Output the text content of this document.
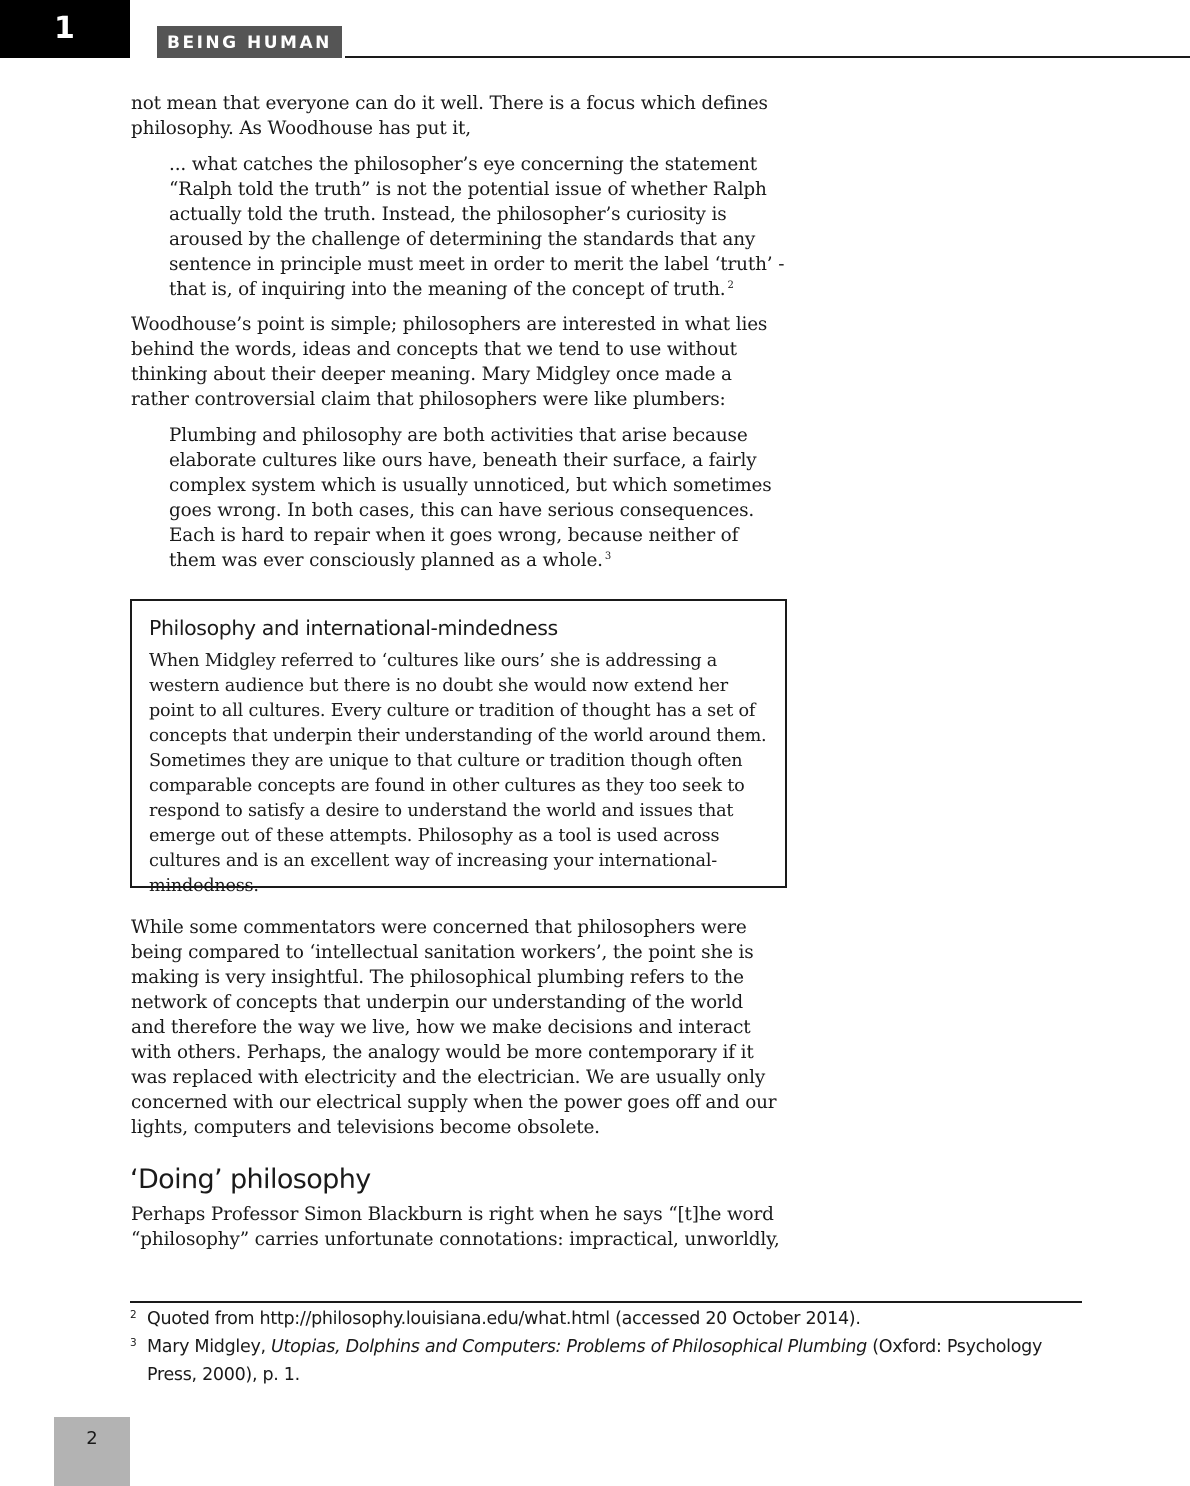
1	BEING HUMAN

not mean that everyone can do it well. There is a focus which defines philosophy. As Woodhouse has put it,

... what catches the philosopher’s eye concerning the statement “Ralph told the truth” is not the potential issue of whether Ralph actually told the truth. Instead, the philosopher’s curiosity is aroused by the challenge of determining the standards that any sentence in principle must meet in order to merit the label ‘truth’ - that is, of inquiring into the meaning of the concept of truth. $^2$

Woodhouse’s point is simple; philosophers are interested in what lies behind the words, ideas and concepts that we tend to use without thinking about their deeper meaning. Mary Midgley once made a rather controversial claim that philosophers were like plumbers:

Plumbing and philosophy are both activities that arise because elaborate cultures like ours have, beneath their surface, a fairly complex system which is usually unnoticed, but which sometimes goes wrong. In both cases, this can have serious consequences. Each is hard to repair when it goes wrong, because neither of them was ever consciously planned as a whole. $^3$
Philosophy and international-mindedness

When Midgley referred to ‘cultures like ours’ she is addressing a western audience but there is no doubt she would now extend her point to all cultures. Every culture or tradition of thought has a set of concepts that underpin their understanding of the world around them. Sometimes they are unique to that culture or tradition though often comparable concepts are found in other cultures as they too seek to respond to satisfy a desire to understand the world and issues that emerge out of these attempts. Philosophy as a tool is used across cultures and is an excellent way of increasing your international-mindedness.

While some commentators were concerned that philosophers were being compared to ‘intellectual sanitation workers’, the point she is making is very insightful. The philosophical plumbing refers to the network of concepts that underpin our understanding of the world and therefore the way we live, how we make decisions and interact with others. Perhaps, the analogy would be more contemporary if it was replaced with electricity and the electrician. We are usually only concerned with our electrical supply when the power goes off and our lights, computers and televisions become obsolete.

‘Doing’ philosophy

Perhaps Professor Simon Blackburn is right when he says “[t]he word “philosophy” carries unfortunate connotations: impractical, unworldly,

2 Quoted from http://philosophy.louisiana.edu/what.html (accessed 20 October 2014).

3 Mary Midgley, Utopias, Dolphins and Computers: Problems of Philosophical Plumbing (Oxford: Psychology Press, 2000), p. 1.

2
